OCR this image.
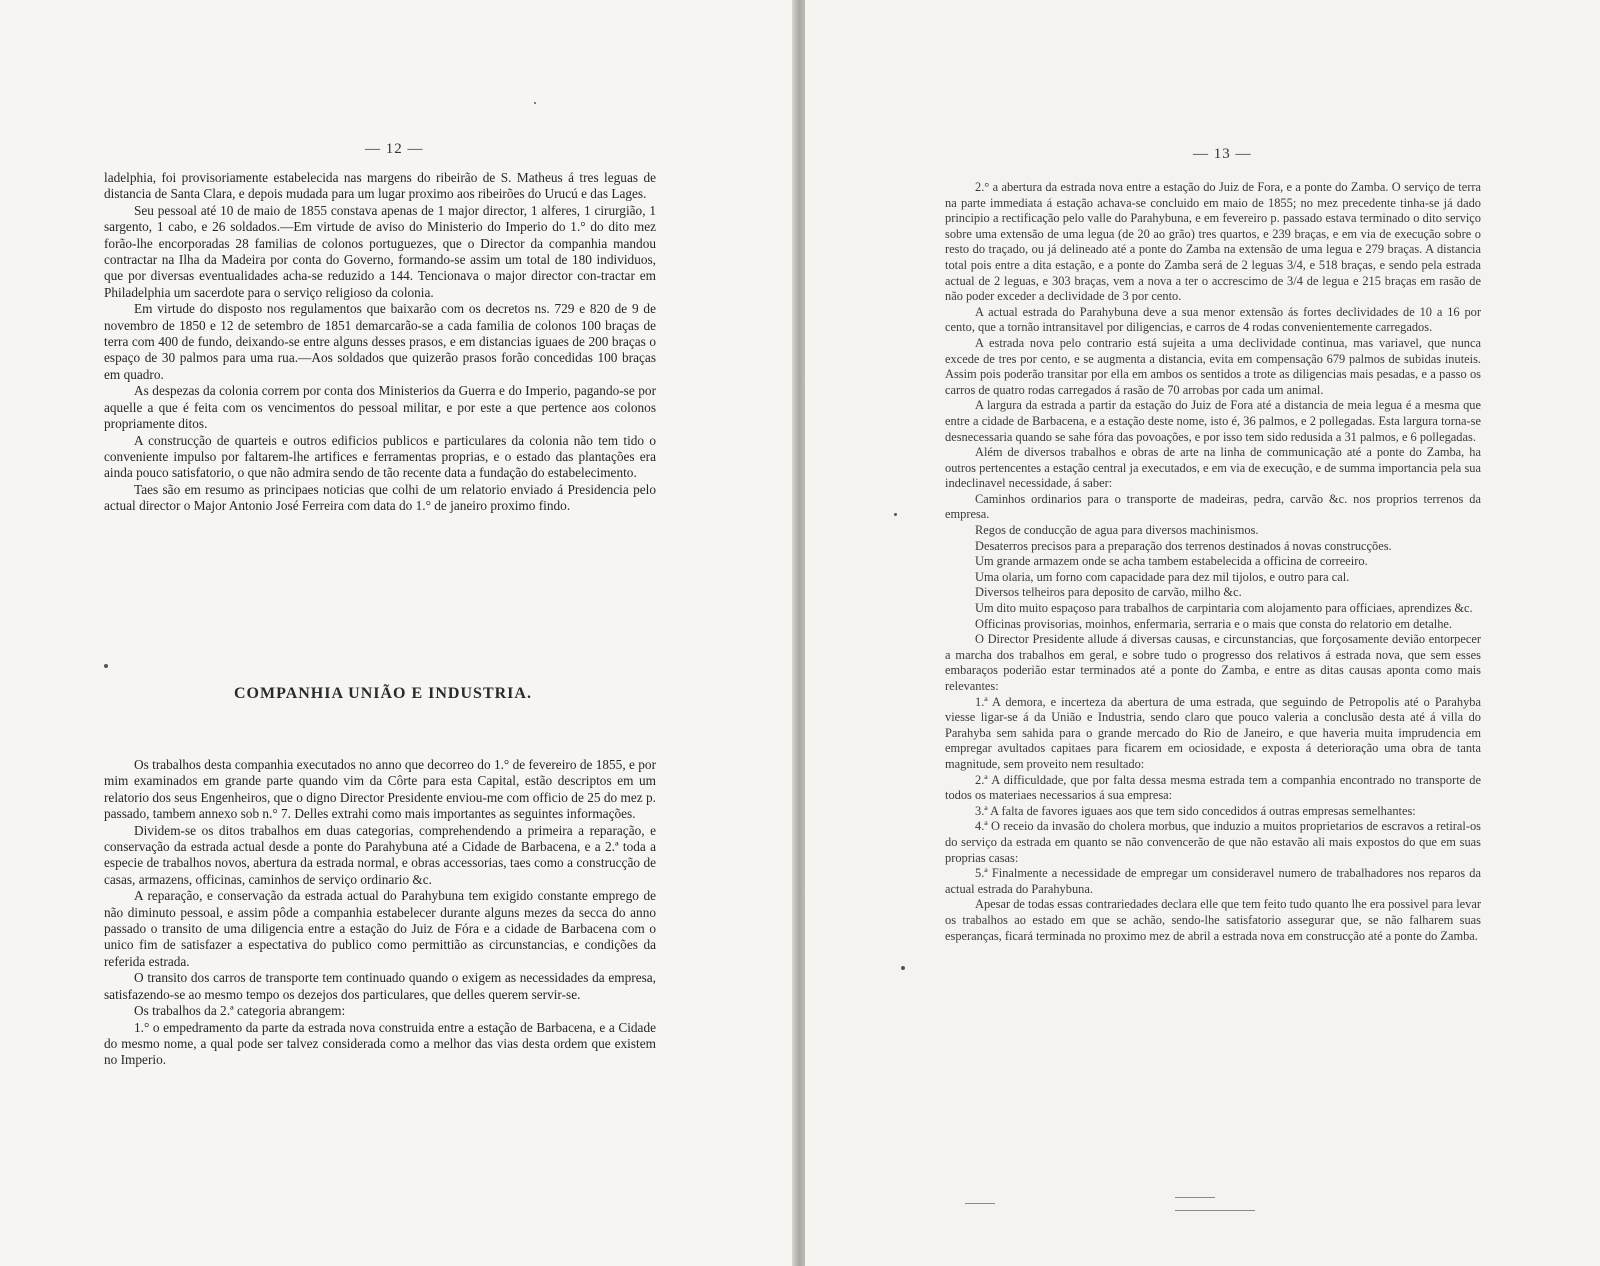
— 12 —

ladelphia, foi provisoriamente estabelecida nas margens do ribeirão de S. Matheus á tres leguas de distancia de Santa Clara, e depois mudada para um lugar proximo aos ribeirões do Urucú e das Lages.

Seu pessoal até 10 de maio de 1855 constava apenas de 1 major director, 1 alferes, 1 cirurgião, 1 sargento, 1 cabo, e 26 soldados.—Em virtude de aviso do Ministerio do Imperio do 1.° do dito mez forão-lhe encorporadas 28 familias de colonos portuguezes, que o Director da companhia mandou contractar na Ilha da Madeira por conta do Governo, formando-se assim um total de 180 individuos, que por diversas eventualidades acha-se reduzido a 144. Tencionava o major director con-tractar em Philadelphia um sacerdote para o serviço religioso da colonia.

Em virtude do disposto nos regulamentos que baixarão com os decretos ns. 729 e 820 de 9 de novembro de 1850 e 12 de setembro de 1851 demarcarão-se a cada familia de colonos 100 braças de terra com 400 de fundo, deixando-se entre alguns desses prasos, e em distancias iguaes de 200 braças o espaço de 30 palmos para uma rua.—Aos soldados que quizerão prasos forão concedidas 100 braças em quadro.

As despezas da colonia correm por conta dos Ministerios da Guerra e do Imperio, pagando-se por aquelle a que é feita com os vencimentos do pessoal militar, e por este a que pertence aos colonos propriamente ditos.

A construcção de quarteis e outros edificios publicos e particulares da colonia não tem tido o conveniente impulso por faltarem-lhe artifices e ferramentas proprias, e o estado das plantações era ainda pouco satisfatorio, o que não admira sendo de tão recente data a fundação do estabelecimento.

Taes são em resumo as principaes noticias que colhi de um relatorio enviado á Presidencia pelo actual director o Major Antonio José Ferreira com data do 1.° de janeiro proximo findo.

COMPANHIA UNIÃO E INDUSTRIA.

Os trabalhos desta companhia executados no anno que decorreo do 1.° de fevereiro de 1855, e por mim examinados em grande parte quando vim da Côrte para esta Capital, estão descriptos em um relatorio dos seus Engenheiros, que o digno Director Presidente enviou-me com officio de 25 do mez p. passado, tambem annexo sob n.° 7. Delles extrahi como mais importantes as seguintes informações.

Dividem-se os ditos trabalhos em duas categorias, comprehendendo a primeira a reparação, e conservação da estrada actual desde a ponte do Parahybuna até a Cidade de Barbacena, e a 2.ª toda a especie de trabalhos novos, abertura da estrada normal, e obras accessorias, taes como a construcção de casas, armazens, officinas, caminhos de serviço ordinario &c.

A reparação, e conservação da estrada actual do Parahybuna tem exigido constante emprego de não diminuto pessoal, e assim pôde a companhia estabelecer durante alguns mezes da secca do anno passado o transito de uma diligencia entre a estação do Juiz de Fóra e a cidade de Barbacena com o unico fim de satisfazer a espectativa do publico como permittião as circunstancias, e condições da referida estrada.

O transito dos carros de transporte tem continuado quando o exigem as necessidades da empresa, satisfazendo-se ao mesmo tempo os dezejos dos particulares, que delles querem servir-se.

Os trabalhos da 2.ª categoria abrangem:

1.° o empedramento da parte da estrada nova construida entre a estação de Barbacena, e a Cidade do mesmo nome, a qual pode ser talvez considerada como a melhor das vias desta ordem que existem no Imperio.

— 13 —

2.° a abertura da estrada nova entre a estação do Juiz de Fora, e a ponte do Zamba. O serviço de terra na parte immediata á estação achava-se concluido em maio de 1855; no mez precedente tinha-se já dado principio a rectificação pelo valle do Parahybuna, e em fevereiro p. passado estava terminado o dito serviço sobre uma extensão de uma legua (de 20 ao grão) tres quartos, e 239 braças, e em via de execução sobre o resto do traçado, ou já delineado até a ponte do Zamba na extensão de uma legua e 279 braças. A distancia total pois entre a dita estação, e a ponte do Zamba será de 2 leguas 3/4, e 518 braças, e sendo pela estrada actual de 2 leguas, e 303 braças, vem a nova a ter o accrescimo de 3/4 de legua e 215 braças em rasão de não poder exceder a declividade de 3 por cento.

A actual estrada do Parahybuna deve a sua menor extensão ás fortes declividades de 10 a 16 por cento, que a tornão intransitavel por diligencias, e carros de 4 rodas convenientemente carregados.

A estrada nova pelo contrario está sujeita a uma declividade continua, mas variavel, que nunca excede de tres por cento, e se augmenta a distancia, evita em compensação 679 palmos de subidas inuteis. Assim pois poderão transitar por ella em ambos os sentidos a trote as diligencias mais pesadas, e a passo os carros de quatro rodas carregados á rasão de 70 arrobas por cada um animal.

A largura da estrada a partir da estação do Juiz de Fora até a distancia de meia legua é a mesma que entre a cidade de Barbacena, e a estação deste nome, isto é, 36 palmos, e 2 pollegadas. Esta largura torna-se desnecessaria quando se sahe fóra das povoações, e por isso tem sido redusida a 31 palmos, e 6 pollegadas.

Além de diversos trabalhos e obras de arte na linha de communicação até a ponte do Zamba, ha outros pertencentes a estação central ja executados, e em via de execução, e de summa importancia pela sua indeclinavel necessidade, á saber:

Caminhos ordinarios para o transporte de madeiras, pedra, carvão &c. nos proprios terrenos da empresa.

Regos de conducção de agua para diversos machinismos.

Desaterros precisos para a preparação dos terrenos destinados á novas construcções.

Um grande armazem onde se acha tambem estabelecida a officina de correeiro.

Uma olaria, um forno com capacidade para dez mil tijolos, e outro para cal.

Diversos telheiros para deposito de carvão, milho &c.

Um dito muito espaçoso para trabalhos de carpintaria com alojamento para officiaes, aprendizes &c.

Officinas provisorias, moinhos, enfermaria, serraria e o mais que consta do relatorio em detalhe.

O Director Presidente allude á diversas causas, e circunstancias, que forçosamente devião entorpecer a marcha dos trabalhos em geral, e sobre tudo o progresso dos relativos á estrada nova, que sem esses embaraços poderião estar terminados até a ponte do Zamba, e entre as ditas causas aponta como mais relevantes:

1.ª A demora, e incerteza da abertura de uma estrada, que seguindo de Petropolis até o Parahyba viesse ligar-se á da União e Industria, sendo claro que pouco valeria a conclusão desta até á villa do Parahyba sem sahida para o grande mercado do Rio de Janeiro, e que haveria muita imprudencia em empregar avultados capitaes para ficarem em ociosidade, e exposta á deterioração uma obra de tanta magnitude, sem proveito nem resultado:

2.ª A difficuldade, que por falta dessa mesma estrada tem a companhia encontrado no transporte de todos os materiaes necessarios á sua empresa:

3.ª A falta de favores iguaes aos que tem sido concedidos á outras empresas semelhantes:

4.ª O receio da invasão do cholera morbus, que induzio a muitos proprietarios de escravos a retiral-os do serviço da estrada em quanto se não convencerão de que não estavão ali mais expostos do que em suas proprias casas:

5.ª Finalmente a necessidade de empregar um consideravel numero de trabalhadores nos reparos da actual estrada do Parahybuna.

Apesar de todas essas contrariedades declara elle que tem feito tudo quanto lhe era possivel para levar os trabalhos ao estado em que se achão, sendo-lhe satisfatorio assegurar que, se não falharem suas esperanças, ficará terminada no proximo mez de abril a estrada nova em construcção até a ponte do Zamba.
